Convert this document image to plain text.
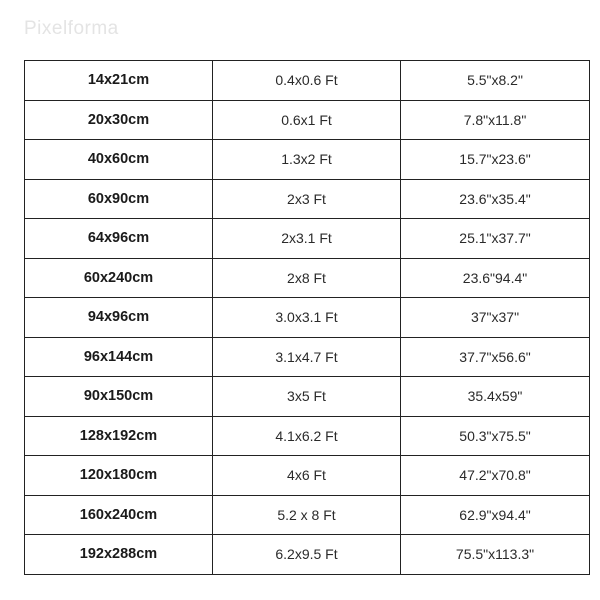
Pixelforma
14x21cm	0.4x0.6 Ft	5.5"x8.2"
20x30cm	0.6x1 Ft	7.8"x11.8"
40x60cm	1.3x2 Ft	15.7"x23.6"
60x90cm	2x3 Ft	23.6"x35.4"
64x96cm	2x3.1 Ft	25.1"x37.7"
60x240cm	2x8 Ft	23.6"94.4"
94x96cm	3.0x3.1 Ft	37"x37"
96x144cm	3.1x4.7 Ft	37.7"x56.6"
90x150cm	3x5 Ft	35.4x59"
128x192cm	4.1x6.2 Ft	50.3"x75.5"
120x180cm	4x6 Ft	47.2"x70.8"
160x240cm	5.2 x 8 Ft	62.9"x94.4"
192x288cm	6.2x9.5 Ft	75.5"x113.3"
